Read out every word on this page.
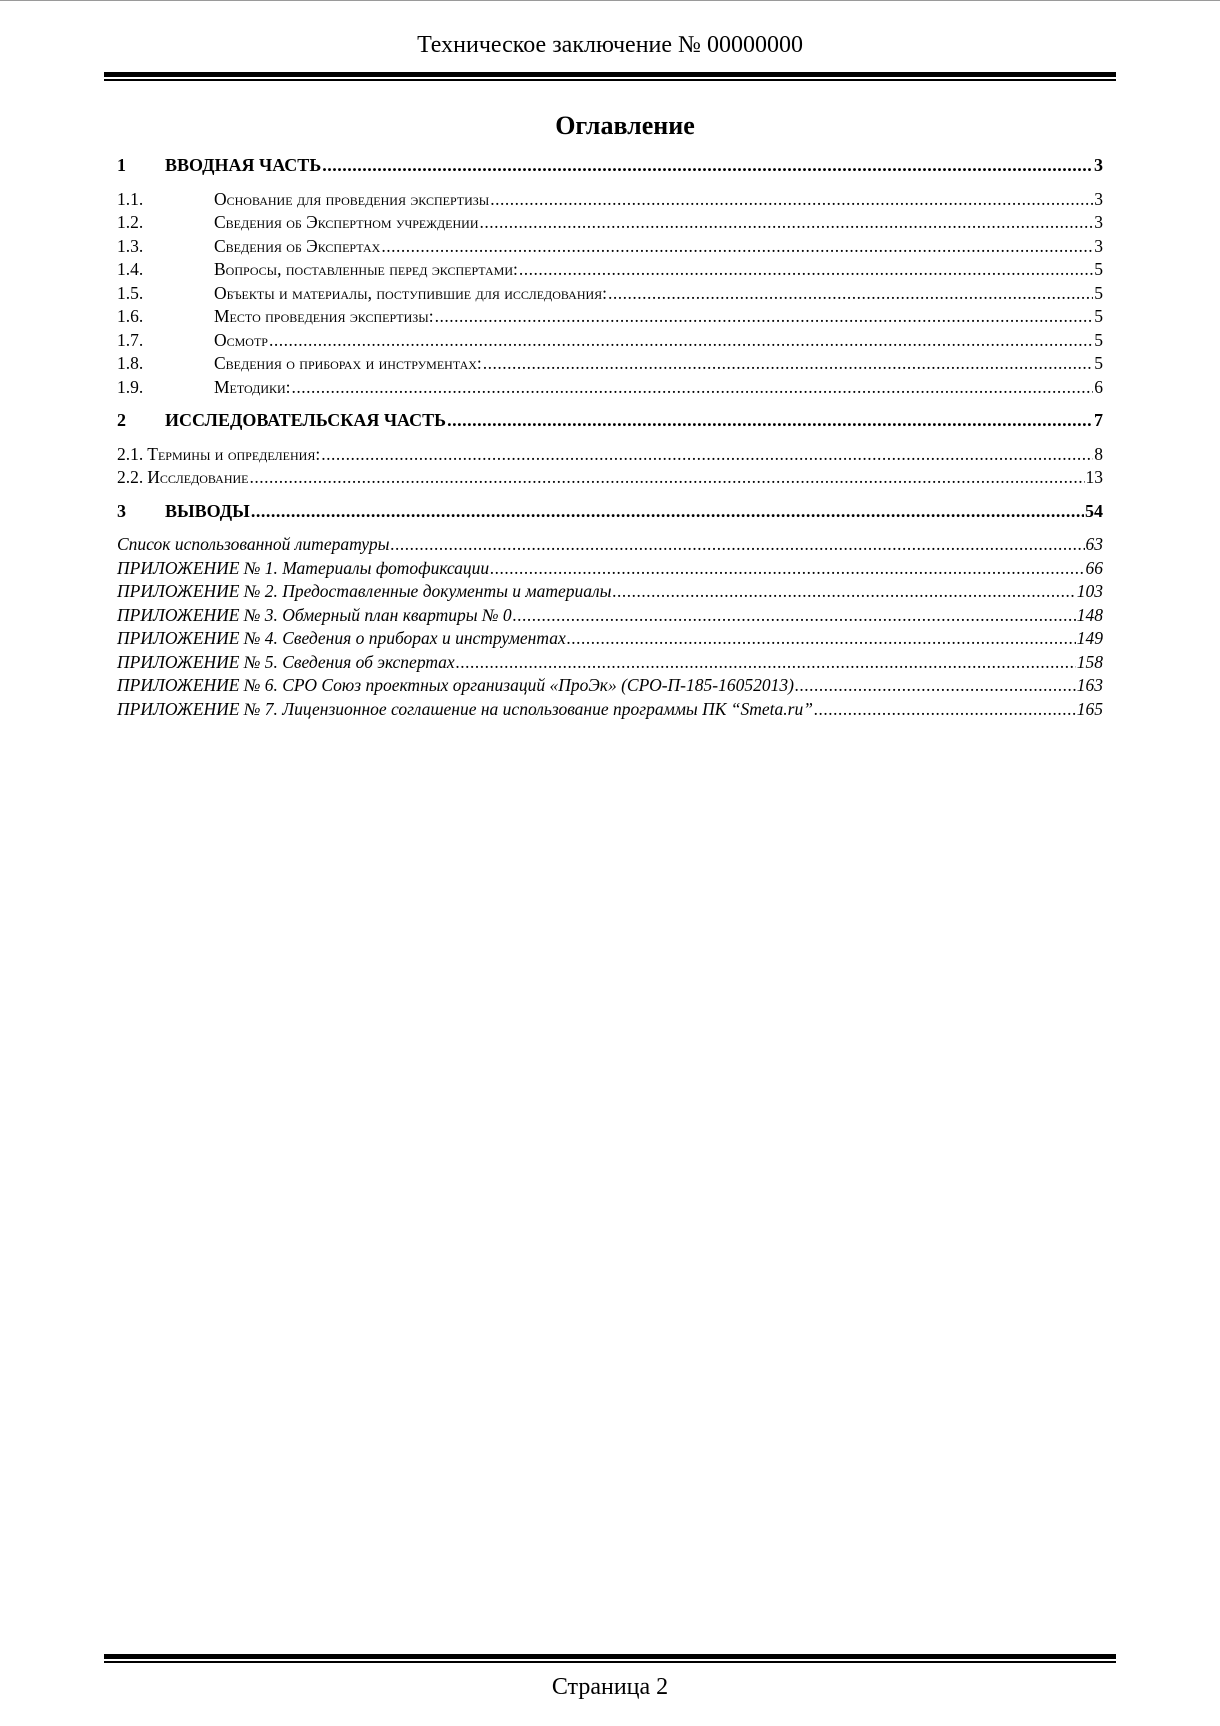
Техническое заключение № 00000000
Оглавление
1	ВВОДНАЯ ЧАСТЬ .....	3
1.1.	Основание для проведения экспертизы .....	3
1.2.	Сведения об Экспертном учреждении .....	3
1.3.	Сведения об Экспертах .....	3
1.4.	Вопросы, поставленные перед экспертами: .....	5
1.5.	Объекты и материалы, поступившие для исследования: .....	5
1.6.	Место проведения экспертизы: .....	5
1.7.	Осмотр .....	5
1.8.	Сведения о приборах и инструментах: .....	5
1.9.	Методики: .....	6
2	ИССЛЕДОВАТЕЛЬСКАЯ ЧАСТЬ .....	7
2.1. Термины и определения: .....	8
2.2. Исследование .....	13
3	ВЫВОДЫ .....	54
Список использованной литературы .....	63
ПРИЛОЖЕНИЕ № 1. Материалы фотофиксации .....	66
ПРИЛОЖЕНИЕ № 2. Предоставленные документы и материалы .....	103
ПРИЛОЖЕНИЕ № 3. Обмерный план квартиры № 0 .....	148
ПРИЛОЖЕНИЕ № 4. Сведения о приборах и инструментах .....	149
ПРИЛОЖЕНИЕ № 5. Сведения об экспертах .....	158
ПРИЛОЖЕНИЕ № 6. СРО Союз проектных организаций «ПроЭк» (СРО-П-185-16052013) .....	163
ПРИЛОЖЕНИЕ № 7. Лицензионное соглашение на использование программы ПК “Smeta.ru” .....	165
Страница 2
